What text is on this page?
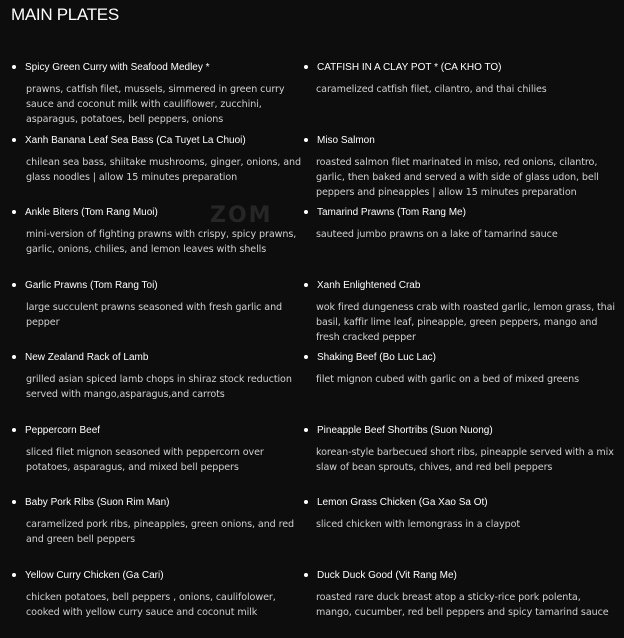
MAIN PLATES
ZOM
Spicy Green Curry with Seafood Medley *
prawns, catfish filet, mussels, simmered in green curry sauce and coconut milk with cauliflower, zucchini, asparagus, potatoes, bell peppers, onions
CATFISH IN A CLAY POT * (CA KHO TO)
caramelized catfish filet, cilantro, and thai chilies
Xanh Banana Leaf Sea Bass (Ca Tuyet La Chuoi)
chilean sea bass, shiitake mushrooms, ginger, onions, and glass noodles | allow 15 minutes preparation
Miso Salmon
roasted salmon filet marinated in miso, red onions, cilantro, garlic, then baked and served a with side of glass udon, bell peppers and pineapples | allow 15 minutes preparation
Ankle Biters (Tom Rang Muoi)
mini-version of fighting prawns with crispy, spicy prawns, garlic, onions, chilies, and lemon leaves with shells
Tamarind Prawns (Tom Rang Me)
sauteed jumbo prawns on a lake of tamarind sauce
Garlic Prawns (Tom Rang Toi)
large succulent prawns seasoned with fresh garlic and pepper
Xanh Enlightened Crab
wok fired dungeness crab with roasted garlic, lemon grass, thai basil, kaffir lime leaf, pineapple, green peppers, mango and fresh cracked pepper
New Zealand Rack of Lamb
grilled asian spiced lamb chops in shiraz stock reduction served with mango,asparagus,and carrots
Shaking Beef (Bo Luc Lac)
filet mignon cubed with garlic on a bed of mixed greens
Peppercorn Beef
sliced filet mignon seasoned with peppercorn over potatoes, asparagus, and mixed bell peppers
Pineapple Beef Shortribs (Suon Nuong)
korean-style barbecued short ribs, pineapple served with a mix slaw of bean sprouts, chives, and red bell peppers
Baby Pork Ribs (Suon Rim Man)
caramelized pork ribs, pineapples, green onions, and red and green bell peppers
Lemon Grass Chicken (Ga Xao Sa Ot)
sliced chicken with lemongrass in a claypot
Yellow Curry Chicken (Ga Cari)
chicken potatoes, bell peppers , onions, caulifolower, cooked with yellow curry sauce and coconut milk
Duck Duck Good (Vit Rang Me)
roasted rare duck breast atop a sticky-rice pork polenta, mango, cucumber, red bell peppers and spicy tamarind sauce
